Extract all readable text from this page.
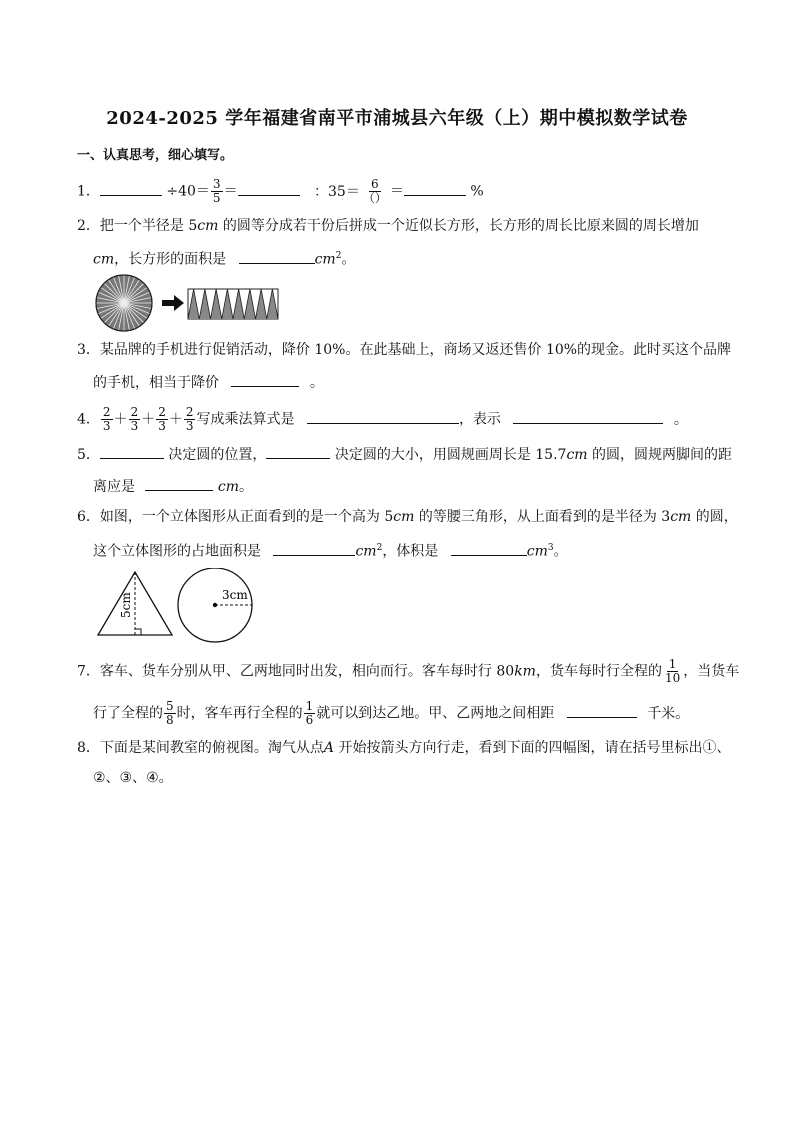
2024-2025 学年福建省南平市浦城县六年级（上）期中模拟数学试卷
一、认真思考，细心填写。
1．	$\div 40= \frac{3}{5}$ ＝	：$35= \frac{6}{()}$ ＝	%
2．把一个半径是 5cm 的圆等分成若干份后拼成一个近似长方形，长方形的周长比原来圆的周长增加
cm，长方形的面积是	$cm^2$。
3．某品牌的手机进行促销活动，降价 10%。在此基础上，商场又返还售价 10%的现金。此时买这个品牌
的手机，相当于降价	。
4． $\frac{2}{3} + \frac{2}{3} + \frac{2}{3} + \frac{2}{3}$ 写成乘法算式是	，表示	。
5．	决定圆的位置，	决定圆的大小，用圆规画周长是 15.7cm 的圆，圆规两脚间的距
离应是	cm。
6．如图，一个立体图形从正面看到的是一个高为 5cm 的等腰三角形，从上面看到的是半径为 3cm 的圆，
这个立体图形的占地面积是	$cm^2$，体积是	$cm^3$。
5cm	3cm
7．客车、货车分别从甲、乙两地同时出发，相向而行。客车每时行 80km，货车每时行全程的 $\frac{1}{10}$ ，当货车
行了全程的 $\frac{5}{8}$ 时，客车再行全程的 $\frac{1}{6}$ 就可以到达乙地。甲、乙两地之间相距	千米。
8．下面是某间教室的俯视图。淘气从点A 开始按箭头方向行走，看到下面的四幅图，请在括号里标出①、
②、③、④。
